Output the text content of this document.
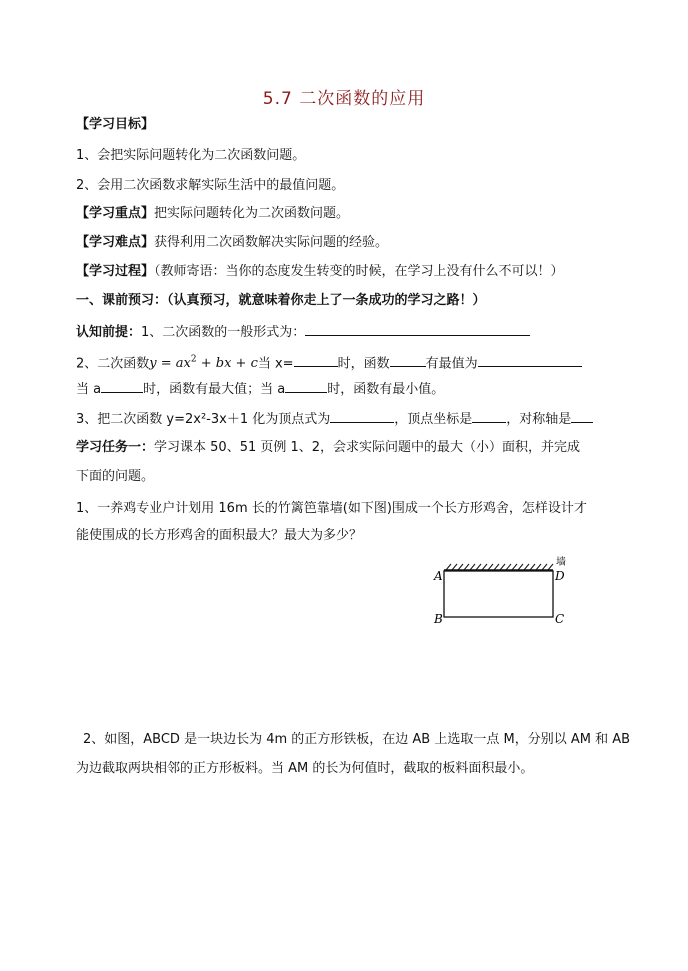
5.7 二次函数的应用
【学习目标】
1、会把实际问题转化为二次函数问题。
2、会用二次函数求解实际生活中的最值问题。
【学习重点】把实际问题转化为二次函数问题。
【学习难点】获得利用二次函数解决实际问题的经验。
【学习过程】（教师寄语：当你的态度发生转变的时候，在学习上没有什么不可以！）
一、课前预习：（认真预习，就意味着你走上了一条成功的学习之路！）
认知前提：1、二次函数的一般形式为：
2、二次函数$y = ax^2$ + bx + c当 x=	时，函数	有最值为
当 a	时，函数有最大值；当 a	时，函数有最小值。
3、把二次函数 y=2x²-3x＋1 化为顶点式为	，顶点坐标是	，对称轴是
学习任务一：学习课本 50、51 页例 1、2，会求实际问题中的最大（小）面积，并完成
下面的问题。
1、一养鸡专业户计划用 16m 长的竹篱笆靠墙(如下图)围成一个长方形鸡舍，怎样设计才
能使围成的长方形鸡舍的面积最大？最大为多少？
墙
A	D
B	C
2、如图，ABCD 是一块边长为 4m 的正方形铁板，在边 AB 上选取一点 M，分别以 AM 和 AB
为边截取两块相邻的正方形板料。当 AM 的长为何值时，截取的板料面积最小。
